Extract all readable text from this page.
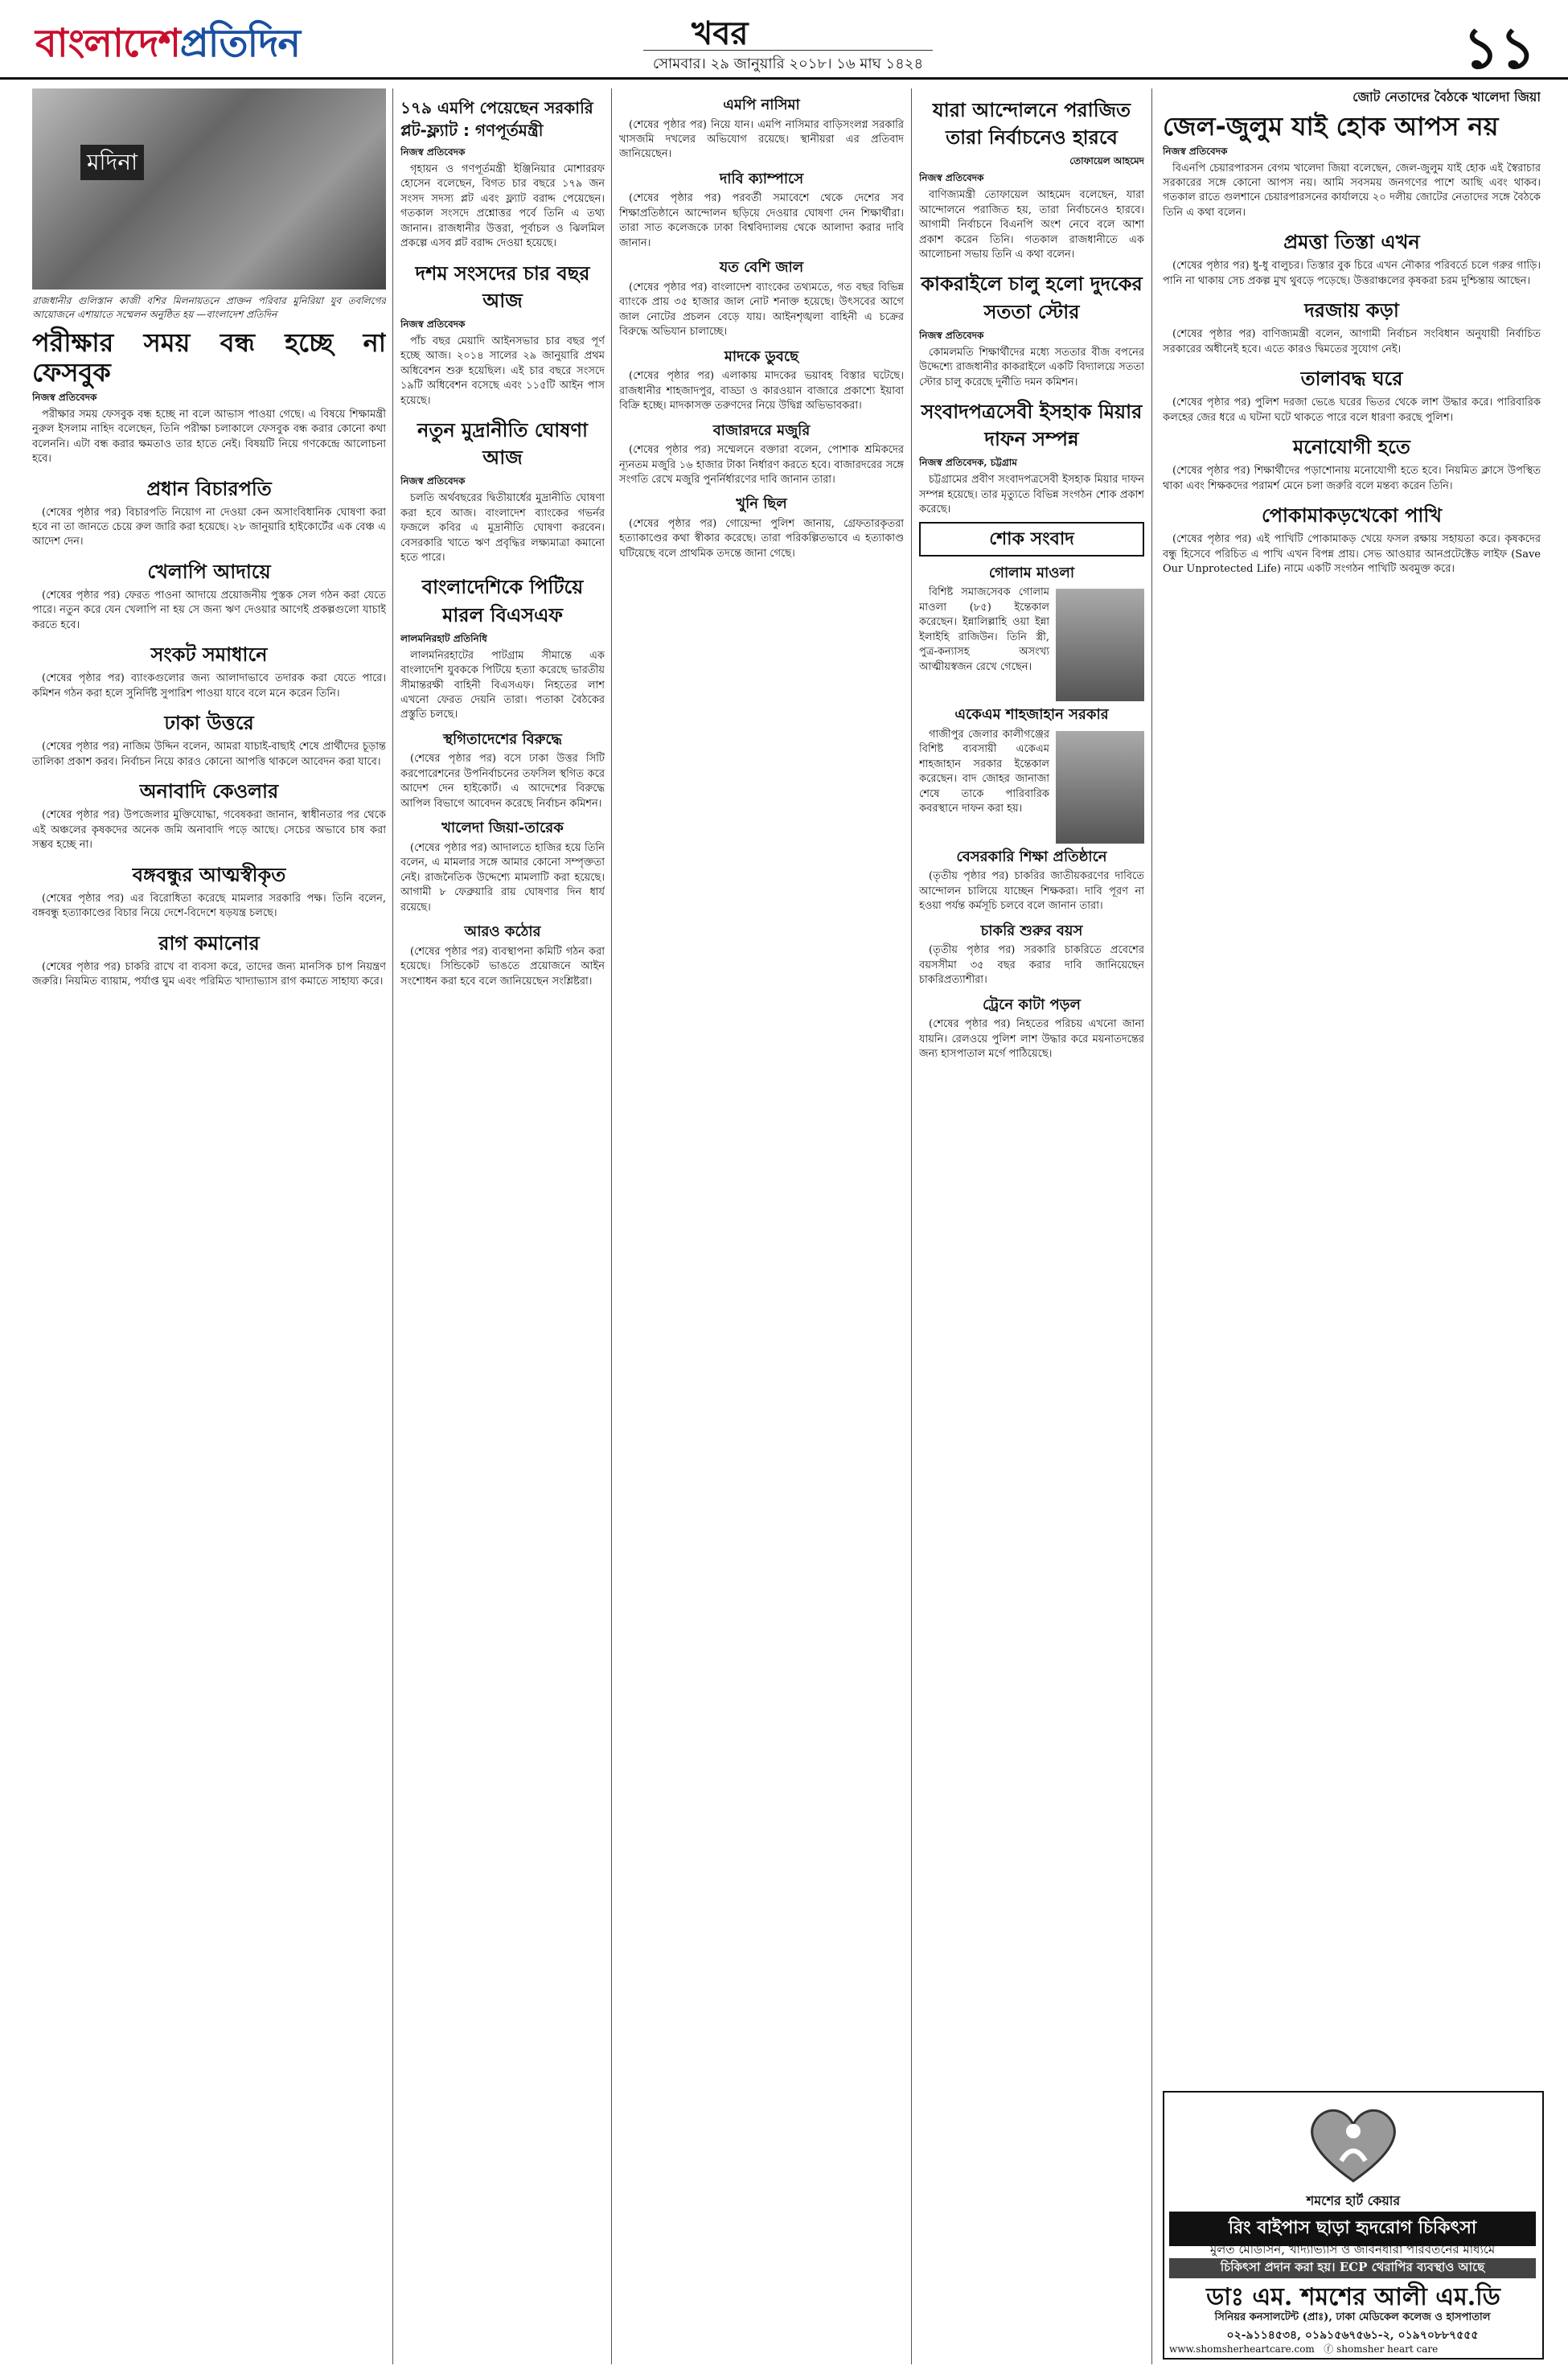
বাংলাদেশপ্রতিদিন	খবর
সোমবার। ২৯ জানুয়ারি ২০১৮। ১৬ মাঘ ১৪২৪	১১
মদিনা
রাজধানীর গুলিস্তান কাজী বশির মিলনায়তনে প্রাক্তন পরিবার মুনিরিয়া যুব তবলিগের আয়োজনে এশায়াতে সম্মেলন অনুষ্ঠিত হয় —বাংলাদেশ প্রতিদিন
পরীক্ষার সময় বন্ধ হচ্ছে না ফেসবুক
নিজস্ব প্রতিবেদক

পরীক্ষার সময় ফেসবুক বন্ধ হচ্ছে না বলে আভাস পাওয়া গেছে। এ বিষয়ে শিক্ষামন্ত্রী নুরুল ইসলাম নাহিদ বলেছেন, তিনি পরীক্ষা চলাকালে ফেসবুক বন্ধ করার কোনো কথা বলেননি। এটা বন্ধ করার ক্ষমতাও তার হাতে নেই। বিষয়টি নিয়ে গণকেন্দ্রে আলোচনা হবে।

প্রধান বিচারপতি

(শেষের পৃষ্ঠার পর) বিচারপতি নিয়োগ না দেওয়া কেন অসাংবিধানিক ঘোষণা করা হবে না তা জানতে চেয়ে রুল জারি করা হয়েছে। ২৮ জানুয়ারি হাইকোর্টের এক বেঞ্চ এ আদেশ দেন।

খেলাপি আদায়ে

(শেষের পৃষ্ঠার পর) ফেরত পাওনা আদায়ে প্রয়োজনীয় পুস্তক সেল গঠন করা যেতে পারে। নতুন করে যেন খেলাপি না হয় সে জন্য ঋণ দেওয়ার আগেই প্রকল্পগুলো যাচাই করতে হবে।

সংকট সমাধানে

(শেষের পৃষ্ঠার পর) ব্যাংকগুলোর জন্য আলাদাভাবে তদারক করা যেতে পারে। কমিশন গঠন করা হলে সুনির্দিষ্ট সুপারিশ পাওয়া যাবে বলে মনে করেন তিনি।

ঢাকা উত্তরে

(শেষের পৃষ্ঠার পর) নাজিম উদ্দিন বলেন, আমরা যাচাই-বাছাই শেষে প্রার্থীদের চূড়ান্ত তালিকা প্রকাশ করব। নির্বাচন নিয়ে কারও কোনো আপত্তি থাকলে আবেদন করা যাবে।

অনাবাদি কেওলার

(শেষের পৃষ্ঠার পর) উপজেলার মুক্তিযোদ্ধা, গবেষকরা জানান, স্বাধীনতার পর থেকে এই অঞ্চলের কৃষকদের অনেক জমি অনাবাদি পড়ে আছে। সেচের অভাবে চাষ করা সম্ভব হচ্ছে না।

বঙ্গবন্ধুর আত্মস্বীকৃত

(শেষের পৃষ্ঠার পর) এর বিরোধিতা করেছে মামলার সরকারি পক্ষ। তিনি বলেন, বঙ্গবন্ধু হত্যাকাণ্ডের বিচার নিয়ে দেশে-বিদেশে ষড়যন্ত্র চলছে।

রাগ কমানোর

(শেষের পৃষ্ঠার পর) চাকরি রাখে বা ব্যবসা করে, তাদের জন্য মানসিক চাপ নিয়ন্ত্রণ জরুরি। নিয়মিত ব্যায়াম, পর্যাপ্ত ঘুম এবং পরিমিত খাদ্যাভ্যাস রাগ কমাতে সাহায্য করে।

১৭৯ এমপি পেয়েছেন সরকারি প্লট-ফ্ল্যাট : গণপূর্তমন্ত্রী
নিজস্ব প্রতিবেদক

গৃহায়ন ও গণপূর্তমন্ত্রী ইঞ্জিনিয়ার মোশাররফ হোসেন বলেছেন, বিগত চার বছরে ১৭৯ জন সংসদ সদস্য প্লট এবং ফ্ল্যাট বরাদ্দ পেয়েছেন। গতকাল সংসদে প্রশ্নোত্তর পর্বে তিনি এ তথ্য জানান। রাজধানীর উত্তরা, পূর্বাচল ও ঝিলমিল প্রকল্পে এসব প্লট বরাদ্দ দেওয়া হয়েছে।

দশম সংসদের চার বছর আজ
নিজস্ব প্রতিবেদক

পাঁচ বছর মেয়াদি আইনসভার চার বছর পূর্ণ হচ্ছে আজ। ২০১৪ সালের ২৯ জানুয়ারি প্রথম অধিবেশন শুরু হয়েছিল। এই চার বছরে সংসদে ১৯টি অধিবেশন বসেছে এবং ১১৫টি আইন পাস হয়েছে।

নতুন মুদ্রানীতি ঘোষণা আজ
নিজস্ব প্রতিবেদক

চলতি অর্থবছরের দ্বিতীয়ার্ধের মুদ্রানীতি ঘোষণা করা হবে আজ। বাংলাদেশ ব্যাংকের গভর্নর ফজলে কবির এ মুদ্রানীতি ঘোষণা করবেন। বেসরকারি খাতে ঋণ প্রবৃদ্ধির লক্ষ্যমাত্রা কমানো হতে পারে।

বাংলাদেশিকে পিটিয়ে মারল বিএসএফ
লালমনিরহাট প্রতিনিধি

লালমনিরহাটের পাটগ্রাম সীমান্তে এক বাংলাদেশি যুবককে পিটিয়ে হত্যা করেছে ভারতীয় সীমান্তরক্ষী বাহিনী বিএসএফ। নিহতের লাশ এখনো ফেরত দেয়নি তারা। পতাকা বৈঠকের প্রস্তুতি চলছে।

স্থগিতাদেশের বিরুদ্ধে

(শেষের পৃষ্ঠার পর) বসে ঢাকা উত্তর সিটি করপোরেশনের উপনির্বাচনের তফসিল স্থগিত করে আদেশ দেন হাইকোর্ট। এ আদেশের বিরুদ্ধে আপিল বিভাগে আবেদন করেছে নির্বাচন কমিশন।

খালেদা জিয়া-তারেক

(শেষের পৃষ্ঠার পর) আদালতে হাজির হয়ে তিনি বলেন, এ মামলার সঙ্গে আমার কোনো সম্পৃক্ততা নেই। রাজনৈতিক উদ্দেশ্যে মামলাটি করা হয়েছে। আগামী ৮ ফেব্রুয়ারি রায় ঘোষণার দিন ধার্য রয়েছে।

আরও কঠোর

(শেষের পৃষ্ঠার পর) ব্যবস্থাপনা কমিটি গঠন করা হয়েছে। সিন্ডিকেট ভাঙতে প্রয়োজনে আইন সংশোধন করা হবে বলে জানিয়েছেন সংশ্লিষ্টরা।

এমপি নাসিমা

(শেষের পৃষ্ঠার পর) নিয়ে যান। এমপি নাসিমার বাড়িসংলগ্ন সরকারি খাসজমি দখলের অভিযোগ রয়েছে। স্থানীয়রা এর প্রতিবাদ জানিয়েছেন।

দাবি ক্যাম্পাসে

(শেষের পৃষ্ঠার পর) পরবর্তী সমাবেশে থেকে দেশের সব শিক্ষাপ্রতিষ্ঠানে আন্দোলন ছড়িয়ে দেওয়ার ঘোষণা দেন শিক্ষার্থীরা। তারা সাত কলেজকে ঢাকা বিশ্ববিদ্যালয় থেকে আলাদা করার দাবি জানান।

যত বেশি জাল

(শেষের পৃষ্ঠার পর) বাংলাদেশ ব্যাংকের তথ্যমতে, গত বছর বিভিন্ন ব্যাংকে প্রায় ৩৫ হাজার জাল নোট শনাক্ত হয়েছে। উৎসবের আগে জাল নোটের প্রচলন বেড়ে যায়। আইনশৃঙ্খলা বাহিনী এ চক্রের বিরুদ্ধে অভিযান চালাচ্ছে।

মাদকে ডুবছে

(শেষের পৃষ্ঠার পর) এলাকায় মাদকের ভয়াবহ বিস্তার ঘটেছে। রাজধানীর শাহজাদপুর, বাড্ডা ও কারওয়ান বাজারে প্রকাশ্যে ইয়াবা বিক্রি হচ্ছে। মাদকাসক্ত তরুণদের নিয়ে উদ্বিগ্ন অভিভাবকরা।

বাজারদরে মজুরি

(শেষের পৃষ্ঠার পর) সম্মেলনে বক্তারা বলেন, পোশাক শ্রমিকদের ন্যূনতম মজুরি ১৬ হাজার টাকা নির্ধারণ করতে হবে। বাজারদরের সঙ্গে সংগতি রেখে মজুরি পুনর্নির্ধারণের দাবি জানান তারা।

খুনি ছিল

(শেষের পৃষ্ঠার পর) গোয়েন্দা পুলিশ জানায়, গ্রেফতারকৃতরা হত্যাকাণ্ডের কথা স্বীকার করেছে। তারা পরিকল্পিতভাবে এ হত্যাকাণ্ড ঘটিয়েছে বলে প্রাথমিক তদন্তে জানা গেছে।

যারা আন্দোলনে পরাজিত তারা নির্বাচনেও হারবে
তোফায়েল আহমেদ
নিজস্ব প্রতিবেদক

বাণিজ্যমন্ত্রী তোফায়েল আহমেদ বলেছেন, যারা আন্দোলনে পরাজিত হয়, তারা নির্বাচনেও হারবে। আগামী নির্বাচনে বিএনপি অংশ নেবে বলে আশা প্রকাশ করেন তিনি। গতকাল রাজধানীতে এক আলোচনা সভায় তিনি এ কথা বলেন।

কাকরাইলে চালু হলো দুদকের সততা স্টোর
নিজস্ব প্রতিবেদক

কোমলমতি শিক্ষার্থীদের মধ্যে সততার বীজ বপনের উদ্দেশ্যে রাজধানীর কাকরাইলে একটি বিদ্যালয়ে সততা স্টোর চালু করেছে দুর্নীতি দমন কমিশন।

সংবাদপত্রসেবী ইসহাক মিয়ার দাফন সম্পন্ন
নিজস্ব প্রতিবেদক, চট্টগ্রাম

চট্টগ্রামের প্রবীণ সংবাদপত্রসেবী ইসহাক মিয়ার দাফন সম্পন্ন হয়েছে। তার মৃত্যুতে বিভিন্ন সংগঠন শোক প্রকাশ করেছে।

শোক সংবাদ
গোলাম মাওলা

বিশিষ্ট সমাজসেবক গোলাম মাওলা (৮৫) ইন্তেকাল করেছেন। ইন্নালিল্লাহি ওয়া ইন্না ইলাইহি রাজিউন। তিনি স্ত্রী, পুত্র-কন্যাসহ অসংখ্য আত্মীয়স্বজন রেখে গেছেন।

একেএম শাহজাহান সরকার

গাজীপুর জেলার কালীগঞ্জের বিশিষ্ট ব্যবসায়ী একেএম শাহজাহান সরকার ইন্তেকাল করেছেন। বাদ জোহর জানাজা শেষে তাকে পারিবারিক কবরস্থানে দাফন করা হয়।

বেসরকারি শিক্ষা প্রতিষ্ঠানে

(তৃতীয় পৃষ্ঠার পর) চাকরির জাতীয়করণের দাবিতে আন্দোলন চালিয়ে যাচ্ছেন শিক্ষকরা। দাবি পূরণ না হওয়া পর্যন্ত কর্মসূচি চলবে বলে জানান তারা।

চাকরি শুরুর বয়স

(তৃতীয় পৃষ্ঠার পর) সরকারি চাকরিতে প্রবেশের বয়সসীমা ৩৫ বছর করার দাবি জানিয়েছেন চাকরিপ্রত্যাশীরা।

ট্রেনে কাটা পড়ল

(শেষের পৃষ্ঠার পর) নিহতের পরিচয় এখনো জানা যায়নি। রেলওয়ে পুলিশ লাশ উদ্ধার করে ময়নাতদন্তের জন্য হাসপাতাল মর্গে পাঠিয়েছে।

জোট নেতাদের বৈঠকে খালেদা জিয়া
জেল-জুলুম যাই হোক আপস নয়
নিজস্ব প্রতিবেদক

বিএনপি চেয়ারপারসন বেগম খালেদা জিয়া বলেছেন, জেল-জুলুম যাই হোক এই স্বৈরাচার সরকারের সঙ্গে কোনো আপস নয়। আমি সবসময় জনগণের পাশে আছি এবং থাকব। গতকাল রাতে গুলশানে চেয়ারপারসনের কার্যালয়ে ২০ দলীয় জোটের নেতাদের সঙ্গে বৈঠকে তিনি এ কথা বলেন।

প্রমত্তা তিস্তা এখন

(শেষের পৃষ্ঠার পর) ধু-ধু বালুচর। তিস্তার বুক চিরে এখন নৌকার পরিবর্তে চলে গরুর গাড়ি। পানি না থাকায় সেচ প্রকল্প মুখ থুবড়ে পড়েছে। উত্তরাঞ্চলের কৃষকরা চরম দুশ্চিন্তায় আছেন।

দরজায় কড়া

(শেষের পৃষ্ঠার পর) বাণিজ্যমন্ত্রী বলেন, আগামী নির্বাচন সংবিধান অনুযায়ী নির্বাচিত সরকারের অধীনেই হবে। এতে কারও দ্বিমতের সুযোগ নেই।

তালাবদ্ধ ঘরে

(শেষের পৃষ্ঠার পর) পুলিশ দরজা ভেঙে ঘরের ভিতর থেকে লাশ উদ্ধার করে। পারিবারিক কলহের জের ধরে এ ঘটনা ঘটে থাকতে পারে বলে ধারণা করছে পুলিশ।

মনোযোগী হতে

(শেষের পৃষ্ঠার পর) শিক্ষার্থীদের পড়াশোনায় মনোযোগী হতে হবে। নিয়মিত ক্লাসে উপস্থিত থাকা এবং শিক্ষকদের পরামর্শ মেনে চলা জরুরি বলে মন্তব্য করেন তিনি।

পোকামাকড়খেকো পাখি

(শেষের পৃষ্ঠার পর) এই পাখিটি পোকামাকড় খেয়ে ফসল রক্ষায় সহায়তা করে। কৃষকদের বন্ধু হিসেবে পরিচিত এ পাখি এখন বিপন্ন প্রায়। সেভ আওয়ার আনপ্রটেক্টেড লাইফ (Save Our Unprotected Life) নামে একটি সংগঠন পাখিটি অবমুক্ত করে।

শমশের হার্ট কেয়ার
রিং বাইপাস ছাড়া হৃদরোগ চিকিৎসা
মুলত মেডিসিন, খাদ্যাভ্যাস ও জীবনধারা পরিবর্তনের মাধ্যমে
চিকিৎসা প্রদান করা হয়। ECP থেরাপির ব্যবস্থাও আছে
ডাঃ এম. শমশের আলী এম.ডি
সিনিয়র কনসালটেন্ট (প্রাঃ), ঢাকা মেডিকেল কলেজ ও হাসপাতাল
০২-৯১১৪৫৩৪, ০১৯১৫৬৭৫৬১-২, ০১৯৭০৮৮৭৫৫৫
www.shomsherheartcare.com ⓕ shomsher heart care
